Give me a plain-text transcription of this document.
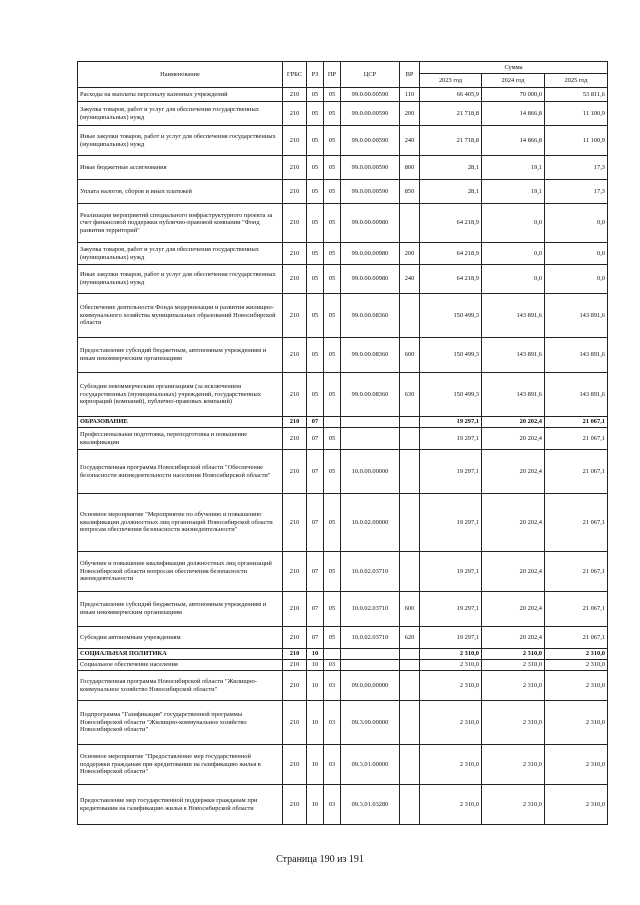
Наименование	ГРБС	РЗ	ПР	ЦСР	ВР	Сумма		
						2023 год	2024 год	2025 год
Расходы на выплаты персоналу казенных учреждений	210	05	05	99.0.00.00590	110	66 405,9	70 000,0	53 811,6
Закупка товаров, работ и услуг для обеспечения государственных (муниципальных) нужд	210	05	05	99.0.00.00590	200	21 718,8	14 866,8	11 100,9
Иные закупки товаров, работ и услуг для обеспечения государственных (муниципальных) нужд	210	05	05	99.0.00.00590	240	21 718,8	14 866,8	11 100,9
Иные бюджетные ассигнования	210	05	05	99.0.00.00590	800	28,1	19,1	17,3
Уплата налогов, сборов и иных платежей	210	05	05	99.0.00.00590	850	28,1	19,1	17,3
Реализация мероприятий специального инфраструктурного проекта за счет финансовой поддержки публично-правовой компании "Фонд развития территорий"	210	05	05	99.0.00.00980		64 218,9	0,0	0,0
Закупка товаров, работ и услуг для обеспечения государственных (муниципальных) нужд	210	05	05	99.0.00.00980	200	64 218,9	0,0	0,0
Иные закупки товаров, работ и услуг для обеспечения государственных (муниципальных) нужд	210	05	05	99.0.00.00980	240	64 218,9	0,0	0,0
Обеспечение деятельности Фонда модернизации и развития жилищно-коммунального хозяйства муниципальных образований Новосибирской области	210	05	05	99.0.00.08360		150 499,3	143 891,6	143 891,6
Предоставление субсидий бюджетным, автономным учреждениям и иным некоммерческим организациям	210	05	05	99.0.00.08360	600	150 499,3	143 891,6	143 891,6
Субсидии некоммерческим организациям (за исключением государственных (муниципальных) учреждений, государственных корпораций (компаний), публично-правовых компаний)	210	05	05	99.0.00.08360	630	150 499,3	143 891,6	143 891,6
ОБРАЗОВАНИЕ	210	07				19 297,1	20 202,4	21 067,1
Профессиональная подготовка, переподготовка и повышение квалификации	210	07	05			19 297,1	20 202,4	21 067,1
Государственная программа Новосибирской области "Обеспечение безопасности жизнедеятельности населения Новосибирской области"	210	07	05	10.0.00.00000		19 297,1	20 202,4	21 067,1
Основное мероприятие "Мероприятие по обучению и повышению квалификации должностных лиц организаций Новосибирской области вопросам обеспечения безопасности жизнедеятельности"	210	07	05	10.0.02.00000		19 297,1	20 202,4	21 067,1
Обучение и повышение квалификации должностных лиц организаций Новосибирской области вопросам обеспечения безопасности жизнедеятельности	210	07	05	10.0.02.03710		19 297,1	20 202,4	21 067,1
Предоставление субсидий бюджетным, автономным учреждениям и иным некоммерческим организациям	210	07	05	10.0.02.03710	600	19 297,1	20 202,4	21 067,1
Субсидии автономным учреждениям	210	07	05	10.0.02.03710	620	19 297,1	20 202,4	21 067,1
СОЦИАЛЬНАЯ ПОЛИТИКА	210	10				2 310,0	2 310,0	2 310,0
Социальное обеспечение населения	210	10	03			2 310,0	2 310,0	2 310,0
Государственная программа Новосибирской области "Жилищно-коммунальное хозяйство Новосибирской области"	210	10	03	09.0.00.00000		2 310,0	2 310,0	2 310,0
Подпрограмма "Газификация" государственной программы Новосибирской области "Жилищно-коммунальное хозяйство Новосибирской области"	210	10	03	09.3.00.00000		2 310,0	2 310,0	2 310,0
Основное мероприятие "Предоставление мер государственной поддержки гражданам при кредитовании на газификацию жилья в Новосибирской области"	210	10	03	09.3.01.00000		2 310,0	2 310,0	2 310,0
Предоставление мер государственной поддержки гражданам при кредитовании на газификацию жилья в Новосибирской области	210	10	03	09.3.01.03280		2 310,0	2 310,0	2 310,0
Страница 190 из 191
